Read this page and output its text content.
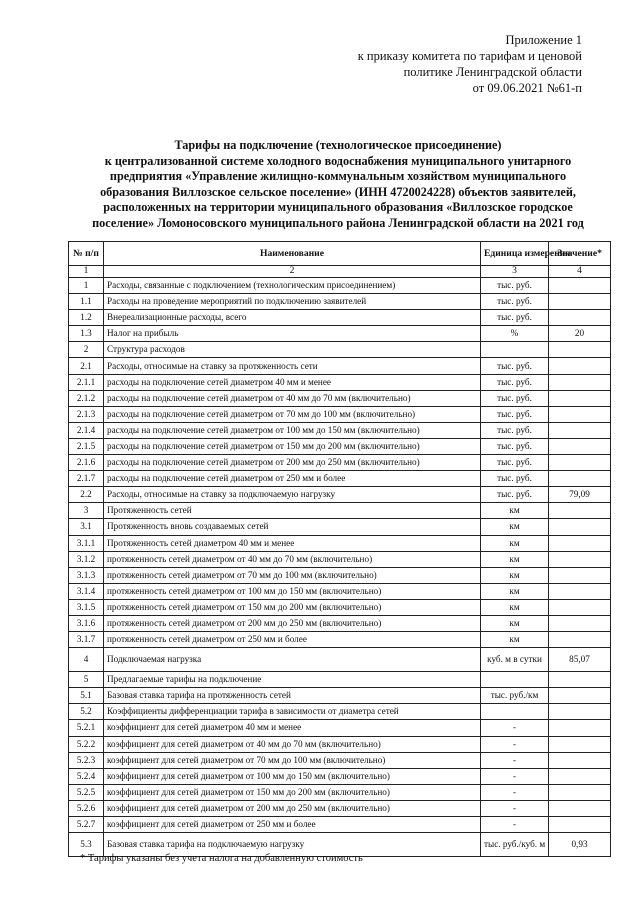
Приложение 1
к приказу комитета по тарифам и ценовой
политике Ленинградской области
от 09.06.2021 №61-п
Тарифы на подключение (технологическое присоединение)
к централизованной системе холодного водоснабжения муниципального унитарного
предприятия «Управление жилищно-коммунальным хозяйством муниципального
образования Виллозское сельское поселение» (ИНН 4720024228) объектов заявителей,
расположенных на территории муниципального образования «Виллозское городское
поселение» Ломоносовского муниципального района Ленинградской области на 2021 год
№ п/п	Наименование	Единица измерения	Значение*
1	2	3	4
1	Расходы, связанные с подключением (технологическим присоединением)	тыс. руб.	
1.1	Расходы на проведение мероприятий по подключению заявителей	тыс. руб.	
1.2	Внереализационные расходы, всего	тыс. руб.	
1.3	Налог на прибыль	%	20
2	Структура расходов		
2.1	Расходы, относимые на ставку за протяженность сети	тыс. руб.	
2.1.1	расходы на подключение сетей диаметром 40 мм и менее	тыс. руб.	
2.1.2	расходы на подключение сетей диаметром от 40 мм до 70 мм (включительно)	тыс. руб.	
2.1.3	расходы на подключение сетей диаметром от 70 мм до 100 мм (включительно)	тыс. руб.	
2.1.4	расходы на подключение сетей диаметром от 100 мм до 150 мм (включительно)	тыс. руб.	
2.1.5	расходы на подключение сетей диаметром от 150 мм до 200 мм (включительно)	тыс. руб.	
2.1.6	расходы на подключение сетей диаметром от 200 мм до 250 мм (включительно)	тыс. руб.	
2.1.7	расходы на подключение сетей диаметром от 250 мм и более	тыс. руб.	
2.2	Расходы, относимые на ставку за подключаемую нагрузку	тыс. руб.	79,09
3	Протяженность сетей	км	
3.1	Протяженность вновь создаваемых сетей	км	
3.1.1	Протяженность сетей диаметром 40 мм и менее	км	
3.1.2	протяженность сетей диаметром от 40 мм до 70 мм (включительно)	км	
3.1.3	протяженность сетей диаметром от 70 мм до 100 мм (включительно)	км	
3.1.4	протяженность сетей диаметром от 100 мм до 150 мм (включительно)	км	
3.1.5	протяженность сетей диаметром от 150 мм до 200 мм (включительно)	км	
3.1.6	протяженность сетей диаметром от 200 мм до 250 мм (включительно)	км	
3.1.7	протяженность сетей диаметром от 250 мм и более	км	
4	Подключаемая нагрузка	куб. м в сутки	85,07
5	Предлагаемые тарифы на подключение		
5.1	Базовая ставка тарифа на протяженность сетей	тыс. руб./км	
5.2	Коэффициенты дифференциации тарифа в зависимости от диаметра сетей		
5.2.1	коэффициент для сетей диаметром 40 мм и менее	-	
5.2.2	коэффициент для сетей диаметром от 40 мм до 70 мм (включительно)	-	
5.2.3	коэффициент для сетей диаметром от 70 мм до 100 мм (включительно)	-	
5.2.4	коэффициент для сетей диаметром от 100 мм до 150 мм (включительно)	-	
5.2.5	коэффициент для сетей диаметром от 150 мм до 200 мм (включительно)	-	
5.2.6	коэффициент для сетей диаметром от 200 мм до 250 мм (включительно)	-	
5.2.7	коэффициент для сетей диаметром от 250 мм и более	-	
5.3	Базовая ставка тарифа на подключаемую нагрузку	тыс. руб./куб. м	0,93
* Тарифы указаны без учета налога на добавленную стоимость
